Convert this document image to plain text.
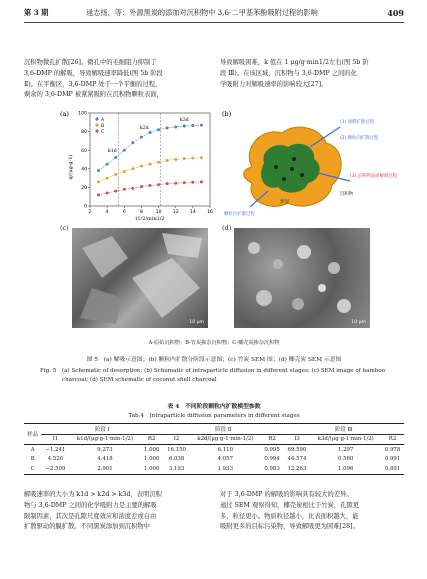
第 3 期	逯志扬，等：外源黑炭的添加对沉积物中 3,6-二甲基苯酚吸附过程的影响	409
沉积物微孔扩散[26]。微孔中的毛细阻力抑制了
3,6-DMP 的解吸，导致解吸速率降低(图 5b 阶段
Ⅱ)。在平衡区，3,6-DMP 处于一个平衡的过程，
剩余的 3,6-DMP 被紧紧吸附在沉积物颗粒表面，
导致解吸困难，k 值在 1 μg/g·min1/2左右(图 5b 阶
段 Ⅲ)。在该区域，沉积物与 3,6-DMP 之间的化
学吸附力对解吸速率的影响较大[27]。
(a)
q/(μg·g-1)
t1/2/min1/2
2	4	6	8	10 12 14 16
0
20
40
60
80
100
A
B
C
k1d
k2d
k3d
(b)
(1) 液膜扩散过程
(2) 颗粒内扩散过程
(3) 沉积物表面解吸过程
黑炭
颗粒内扩散过程
沉积物
(c)
10 μm
(d)
10 μm
A-原始沉积物；B-竹炭掺杂沉积物；C-椰壳炭掺杂沉积物
图 5　(a) 解吸示意图；(b) 颗粒内扩散分阶段示意图；(c) 竹炭 SEM 图；(d) 椰壳炭 SEM 示意图
Fig. 5　(a) Schematic of desorption; (b) Schematic of intraparticle diffusion in different stages; (c) SEM image of bamboo
charcoal; (d) SEM schematic of coconut shell charcoal
表 4　不同阶段颗粒内扩散模型参数
Tab.4　Intraparticle diffusion parameters in different stages
样品	阶段 Ⅰ			阶段 Ⅱ			阶段 Ⅲ		
	I1	k1d/(μg·g-1·min-1/2)	R2	I2	k2d/(μg·g-1·min-1/2)	R2	I3	k3d/(μg·g-1·min-1/2)	R2
A	−1.241	9.273	1.000	16.150	6.110	0.995	69.590	1.297	0.978
B	4.526	4.418	1.000	6.038	4.057	0.994	44.574	0.560	0.991
C	−2.509	2.901	1.000	3.193	1.933	0.983	12.263	1.096	0.891
解吸速率的大小为 k1d > k2d > k3d，表明沉积
物与 3,6-DMP 之间的化学吸附力是主要的解吸
限制因素，其次是孔隙尺度效应和浓度差或自由
扩散驱动的膜扩散。不同黑炭添加到沉积物中
对于 3,6-DMP 的解吸的影响具有较大的差异。
通过 SEM 观察得知，椰壳炭相比于竹炭，孔隙更
多，粒径更小。物质粒径越小，比表面积越大，能
吸附更多的目标污染物，导致解吸更为困难[28]。
